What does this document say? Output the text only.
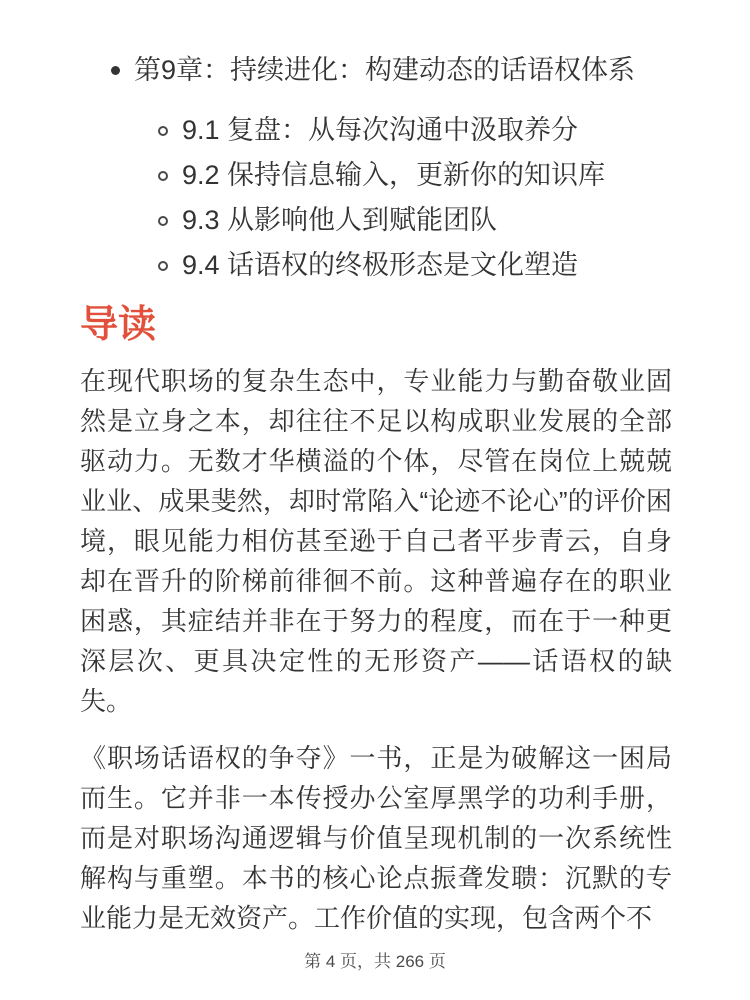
第9章：持续进化：构建动态的话语权体系
9.1 复盘：从每次沟通中汲取养分
9.2 保持信息输入，更新你的知识库
9.3 从影响他人到赋能团队
9.4 话语权的终极形态是文化塑造
导读

在现代职场的复杂生态中，专业能力与勤奋敬业固然是立身之本，却往往不足以构成职业发展的全部驱动力。无数才华横溢的个体，尽管在岗位上兢兢业业、成果斐然，却时常陷入“论迹不论心”的评价困境，眼见能力相仿甚至逊于自己者平步青云，自身却在晋升的阶梯前徘徊不前。这种普遍存在的职业困惑，其症结并非在于努力的程度，而在于一种更深层次、更具决定性的无形资产——话语权的缺失。

《职场话语权的争夺》一书，正是为破解这一困局而生。它并非一本传授办公室厚黑学的功利手册，而是对职场沟通逻辑与价值呈现机制的一次系统性解构与重塑。本书的核心论点振聋发聩：沉默的专业能力是无效资产。工作价值的实现，包含两个不

第 4 页，共 266 页
